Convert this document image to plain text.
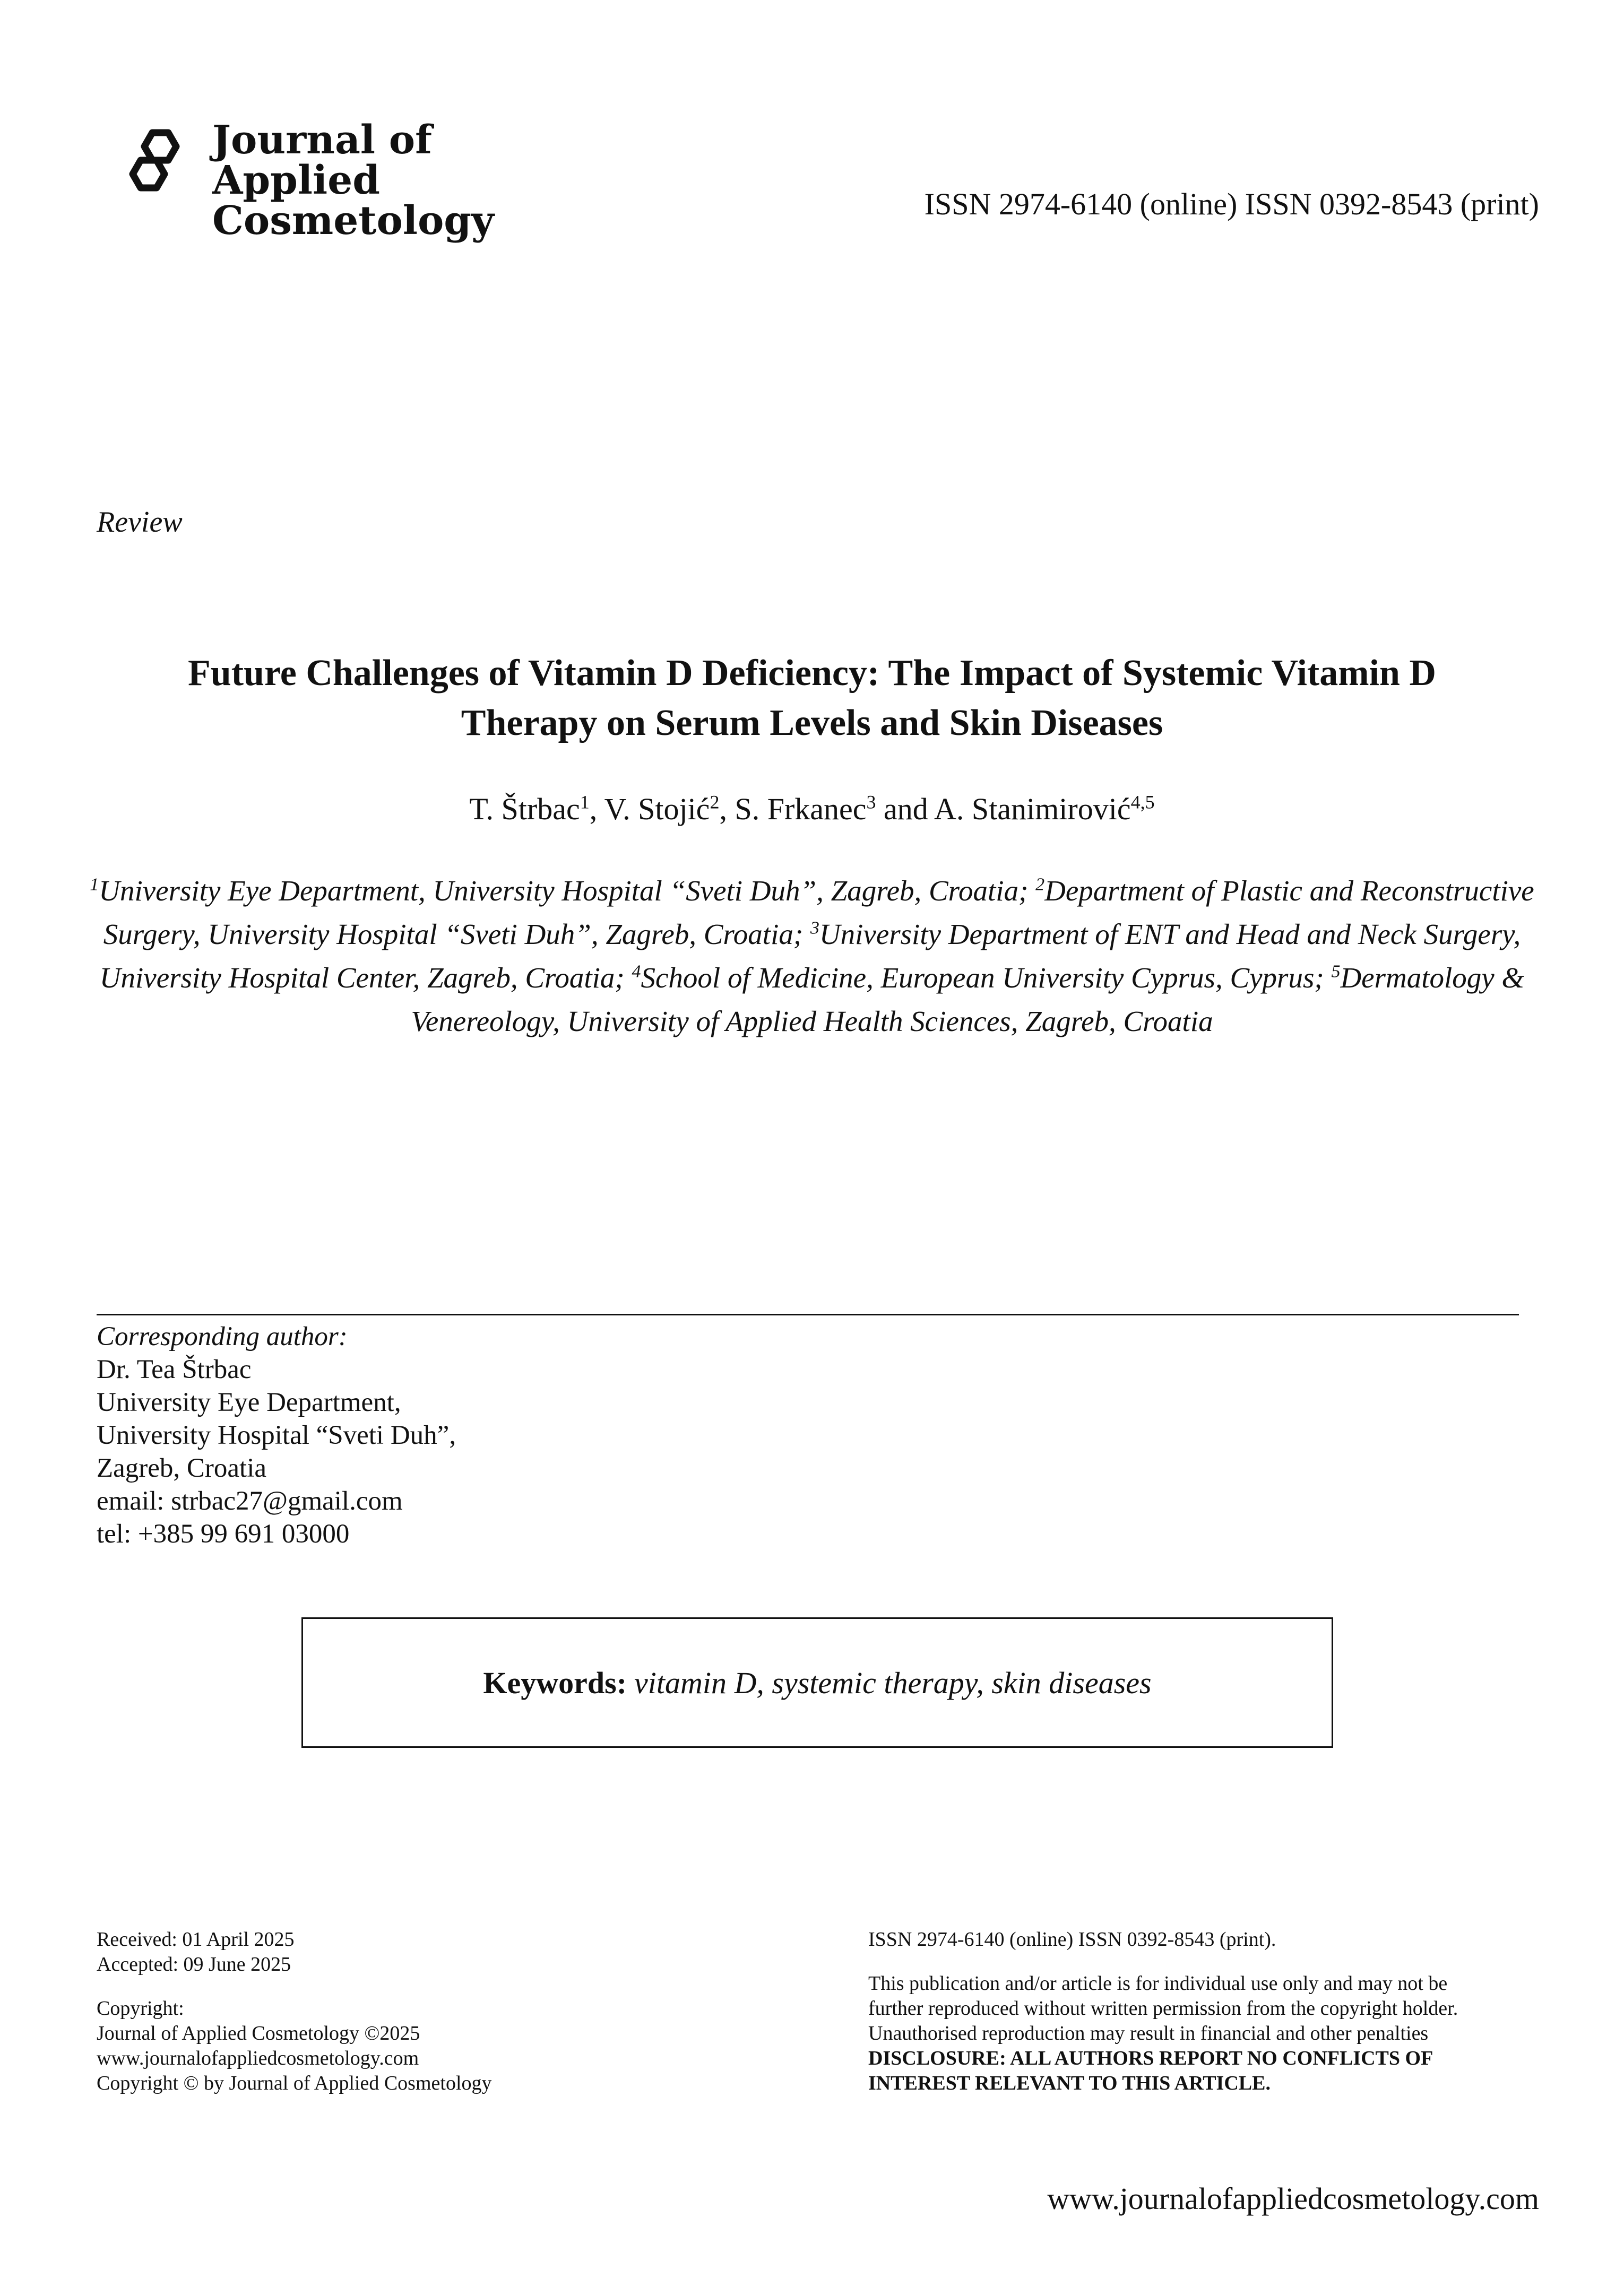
Journal of Applied
Cosmetology	ISSN 2974-6140 (online) ISSN 0392-8543 (print)
Review
Future Challenges of Vitamin D Deficiency: The Impact of Systemic Vitamin D
Therapy on Serum Levels and Skin Diseases
T. Štrbac$^1$, V. Stojić$^2$, S. Frkanec$^3$ and A. Stanimirović$^{4,5}$
$^1$University Eye Department, University Hospital “Sveti Duh”, Zagreb, Croatia; $^2$Department of Plastic and Reconstructive Surgery, University Hospital “Sveti Duh”, Zagreb, Croatia; $^3$University Department of ENT and Head and Neck Surgery, University Hospital Center, Zagreb, Croatia; $^4$School of Medicine, European University Cyprus, Cyprus; $^5$Dermatology & Venereology, University of Applied Health Sciences, Zagreb, Croatia
Corresponding author:
Dr. Tea Štrbac
University Eye Department,
University Hospital “Sveti Duh”,
Zagreb, Croatia
email: strbac27@gmail.com
tel: +385 99 691 03000
Keywords: vitamin D, systemic therapy, skin diseases
Received: 01 April 2025
Accepted: 09 June 2025
Copyright:
Journal of Applied Cosmetology ©2025
www.journalofappliedcosmetology.com
Copyright © by Journal of Applied Cosmetology
ISSN 2974-6140 (online) ISSN 0392-8543 (print).
This publication and/or article is for individual use only and may not be
further reproduced without written permission from the copyright holder.
Unauthorised reproduction may result in financial and other penalties
DISCLOSURE: ALL AUTHORS REPORT NO CONFLICTS OF
INTEREST RELEVANT TO THIS ARTICLE.
www.journalofappliedcosmetology.com
